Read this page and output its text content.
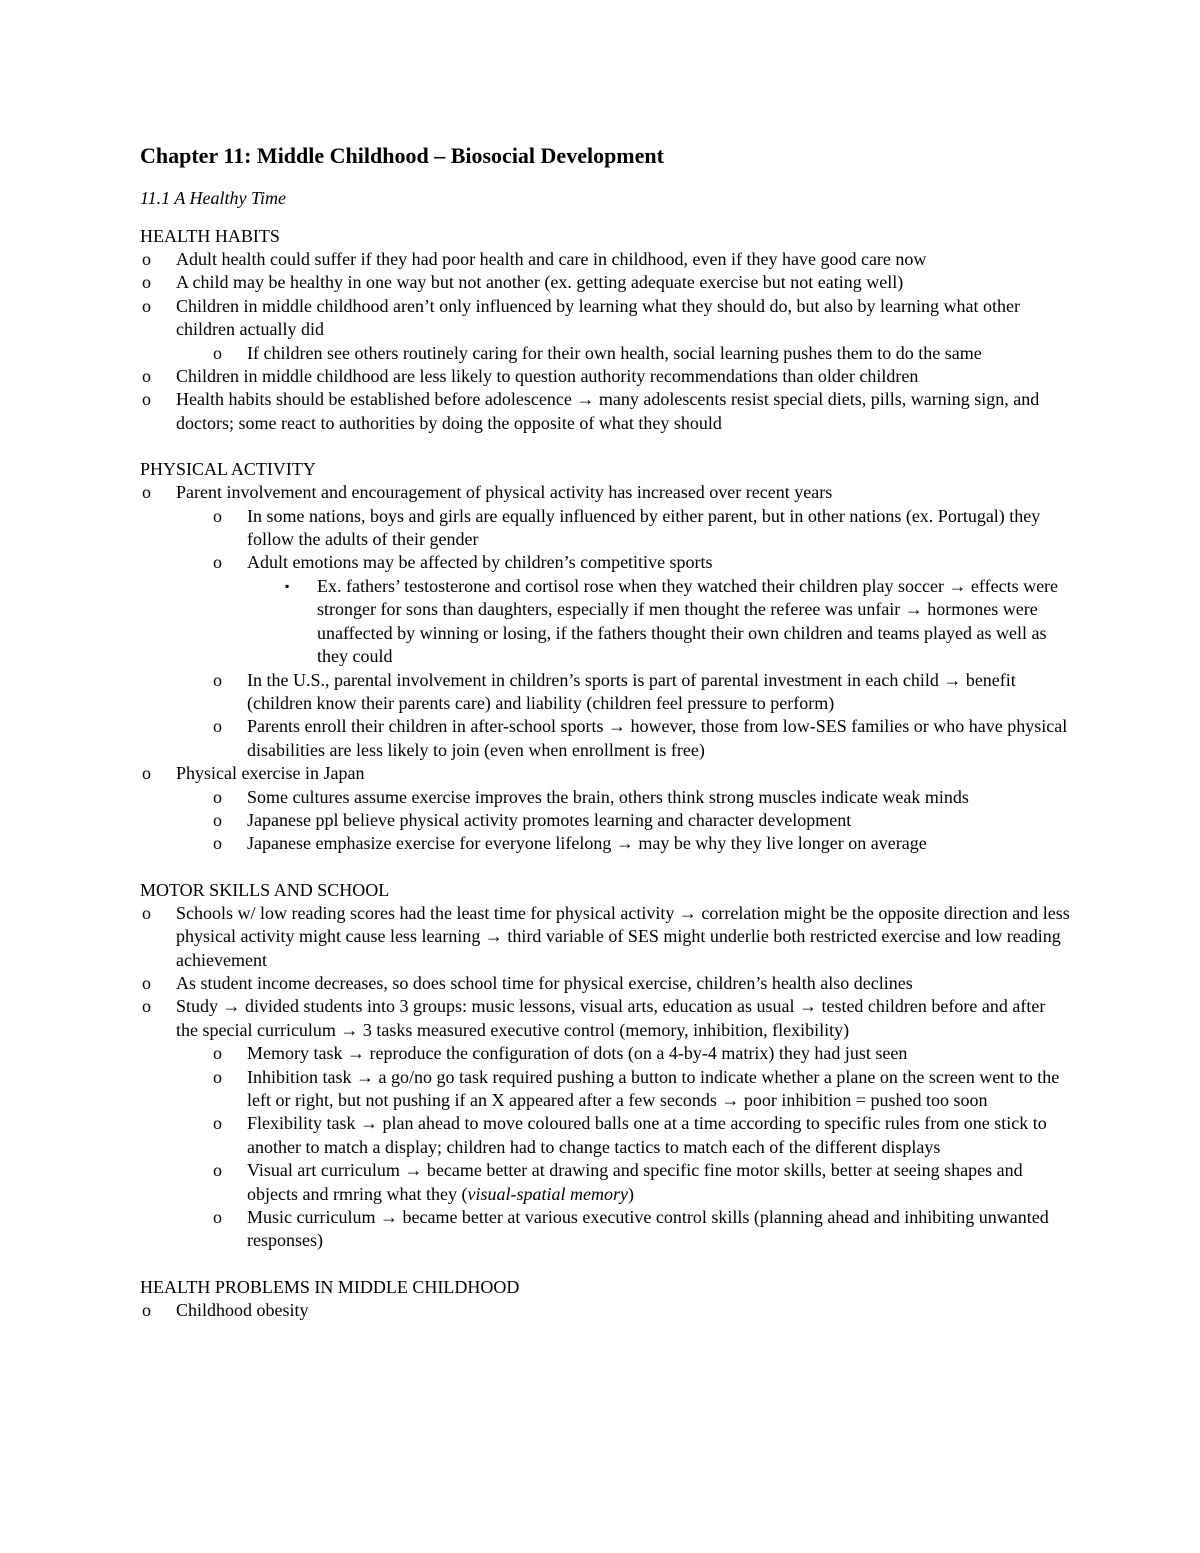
Chapter 11: Middle Childhood – Biosocial Development
11.1 A Healthy Time
HEALTH HABITS
o Adult health could suffer if they had poor health and care in childhood, even if they have good care now
o A child may be healthy in one way but not another (ex. getting adequate exercise but not eating well)
o Children in middle childhood aren’t only influenced by learning what they should do, but also by learning what other children actually did
o If children see others routinely caring for their own health, social learning pushes them to do the same
o Children in middle childhood are less likely to question authority recommendations than older children
o Health habits should be established before adolescence → many adolescents resist special diets, pills, warning sign, and doctors; some react to authorities by doing the opposite of what they should
PHYSICAL ACTIVITY
o Parent involvement and encouragement of physical activity has increased over recent years
o In some nations, boys and girls are equally influenced by either parent, but in other nations (ex. Portugal) they follow the adults of their gender
o Adult emotions may be affected by children’s competitive sports
▪ Ex. fathers’ testosterone and cortisol rose when they watched their children play soccer → effects were stronger for sons than daughters, especially if men thought the referee was unfair → hormones were unaffected by winning or losing, if the fathers thought their own children and teams played as well as they could
o In the U.S., parental involvement in children’s sports is part of parental investment in each child → benefit (children know their parents care) and liability (children feel pressure to perform)
o Parents enroll their children in after-school sports → however, those from low-SES families or who have physical disabilities are less likely to join (even when enrollment is free)
o Physical exercise in Japan
o Some cultures assume exercise improves the brain, others think strong muscles indicate weak minds
o Japanese ppl believe physical activity promotes learning and character development
o Japanese emphasize exercise for everyone lifelong → may be why they live longer on average
MOTOR SKILLS AND SCHOOL
o Schools w/ low reading scores had the least time for physical activity → correlation might be the opposite direction and less physical activity might cause less learning → third variable of SES might underlie both restricted exercise and low reading achievement
o As student income decreases, so does school time for physical exercise, children’s health also declines
o Study → divided students into 3 groups: music lessons, visual arts, education as usual → tested children before and after the special curriculum → 3 tasks measured executive control (memory, inhibition, flexibility)
o Memory task → reproduce the configuration of dots (on a 4-by-4 matrix) they had just seen
o Inhibition task → a go/no go task required pushing a button to indicate whether a plane on the screen went to the left or right, but not pushing if an X appeared after a few seconds → poor inhibition = pushed too soon
o Flexibility task → plan ahead to move coloured balls one at a time according to specific rules from one stick to another to match a display; children had to change tactics to match each of the different displays
o Visual art curriculum → became better at drawing and specific fine motor skills, better at seeing shapes and objects and rmring what they (visual-spatial memory)
o Music curriculum → became better at various executive control skills (planning ahead and inhibiting unwanted responses)
HEALTH PROBLEMS IN MIDDLE CHILDHOOD
o Childhood obesity
